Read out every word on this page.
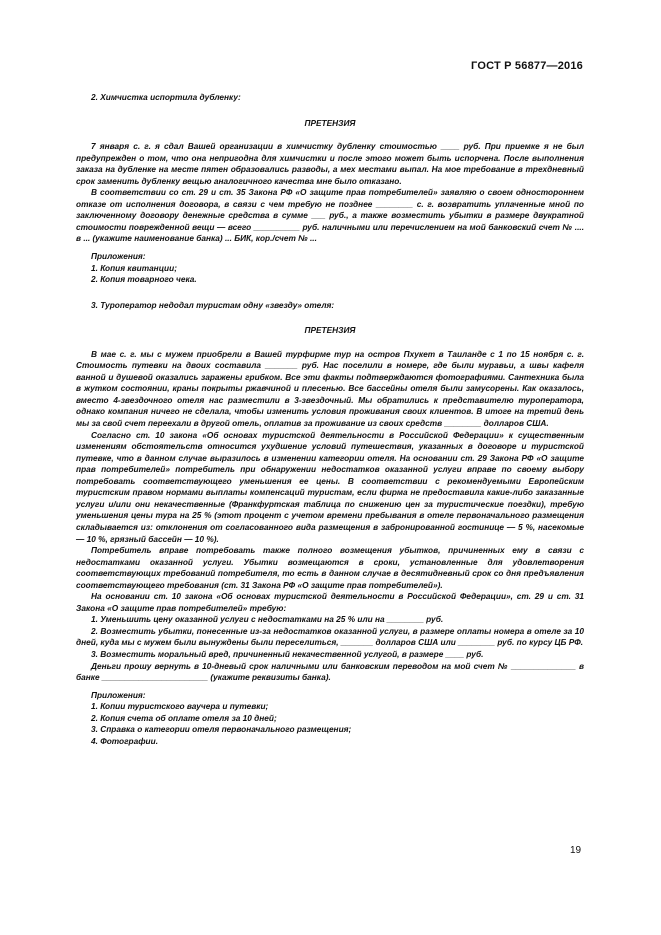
ГОСТ Р 56877—2016

2. Химчистка испортила дубленку:

ПРЕТЕНЗИЯ

7 января с. г. я сдал Вашей организации в химчистку дубленку стоимостью ____ руб. При приемке я не был предупрежден о том, что она непригодна для химчистки и после этого может быть испорчена. После выполнения заказа на дубленке на месте пятен образовались разводы, а мех местами выпал. На мое требование в трехдневный срок заменить дубленку вещью аналогичного качества мне было отказано.

В соответствии со ст. 29 и ст. 35 Закона РФ «О защите прав потребителей» заявляю о своем одностороннем отказе от исполнения договора, в связи с чем требую не позднее ________ с. г. возвратить уплаченные мной по заключенному договору денежные средства в сумме ___ руб., а также возместить убытки в размере двукратной стоимости поврежденной вещи — всего __________ руб. наличными или перечислением на мой банковский счет № .... в ... (укажите наименование банка) ... БИК, кор./счет № ...

Приложения:

1. Копия квитанции;

2. Копия товарного чека.

3. Туроператор недодал туристам одну «звезду» отеля:

ПРЕТЕНЗИЯ

В мае с. г. мы с мужем приобрели в Вашей турфирме тур на остров Пхукет в Таиланде с 1 по 15 ноября с. г. Стоимость путевки на двоих составила _______ руб. Нас поселили в номере, где были муравьи, а швы кафеля ванной и душевой оказались заражены грибком. Все эти факты подтверждаются фотографиями. Сантехника была в жутком состоянии, краны покрыты ржавчиной и плесенью. Все бассейны отеля были замусорены. Как оказалось, вместо 4-звездочного отеля нас разместили в 3-звездочный. Мы обратились к представителю туроператора, однако компания ничего не сделала, чтобы изменить условия проживания своих клиентов. В итоге на третий день мы за свой счет переехали в другой отель, оплатив за проживание из своих средств ________ долларов США.

Согласно ст. 10 закона «Об основах туристской деятельности в Российской Федерации» к существенным изменениям обстоятельств относится ухудшение условий путешествия, указанных в договоре и туристской путевке, что в данном случае выразилось в изменении категории отеля. На основании ст. 29 Закона РФ «О защите прав потребителей» потребитель при обнаружении недостатков оказанной услуги вправе по своему выбору потребовать соответствующего уменьшения ее цены. В соответствии с рекомендуемыми Европейским туристским правом нормами выплаты компенсаций туристам, если фирма не предоставила какие-либо заказанные услуги и/или они некачественные (Франкфуртская таблица по снижению цен за туристические поездки), требую уменьшения цены тура на 25 % (этот процент с учетом времени пребывания в отеле первоначального размещения складывается из: отклонения от согласованного вида размещения в забронированной гостинице — 5 %, насекомые — 10 %, грязный бассейн — 10 %).

Потребитель вправе потребовать также полного возмещения убытков, причиненных ему в связи с недостатками оказанной услуги. Убытки возмещаются в сроки, установленные для удовлетворения соответствующих требований потребителя, то есть в данном случае в десятидневный срок со дня предъявления соответствующего требования (ст. 31 Закона РФ «О защите прав потребителей»).

На основании ст. 10 закона «Об основах туристской деятельности в Российской Федерации», ст. 29 и ст. 31 Закона «О защите прав потребителей» требую:

1. Уменьшить цену оказанной услуги с недостатками на 25 % или на ________ руб.

2. Возместить убытки, понесенные из-за недостатков оказанной услуги, в размере оплаты номера в отеле за 10 дней, куда мы с мужем были вынуждены были переселиться, _______ долларов США или ________ руб. по курсу ЦБ РФ.

3. Возместить моральный вред, причиненный некачественной услугой, в размере ____ руб.

Деньги прошу вернуть в 10-дневый срок наличными или банковским переводом на мой счет № ______________ в банке _______________________ (укажите реквизиты банка).

Приложения:

1. Копии туристского ваучера и путевки;

2. Копия счета об оплате отеля за 10 дней;

3. Справка о категории отеля первоначального размещения;

4. Фотографии.

19
